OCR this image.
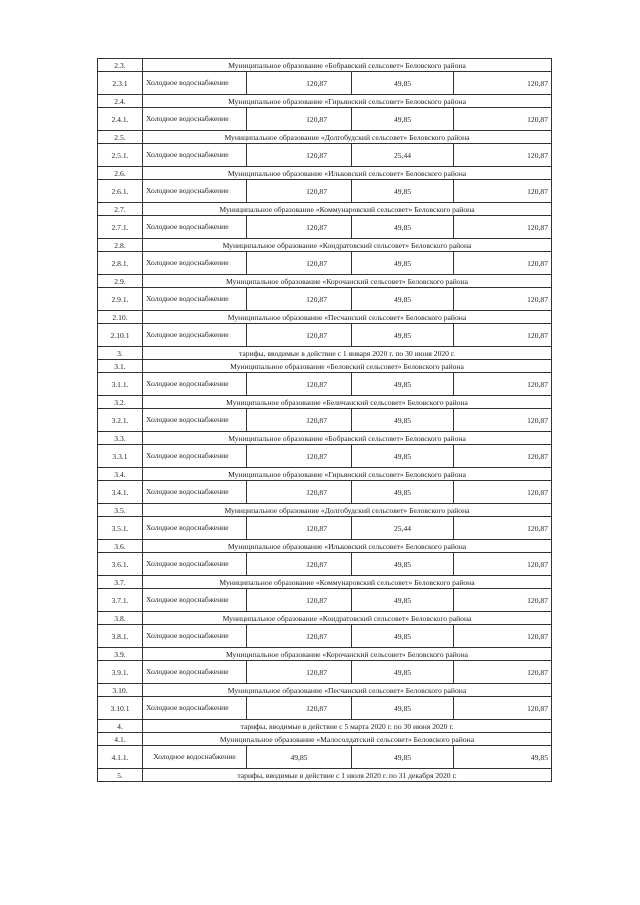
2.3.	Муниципальное образование «Бобравский сельсовет» Беловского района			
2.3.1	Холодное водоснабжение	120,87	49,85	120,87
2.4.	Муниципальное образование «Гирьянский сельсовет» Беловского района			
2.4.1.	Холодное водоснабжение	120,87	49,85	120,87
2.5.	Муниципальное образование «Долгобудский сельсовет» Беловского района			
2.5.1.	Холодное водоснабжение	120,87	25,44	120,87
2.6.	Муниципальное образование «Ильковский сельсовет» Беловского района			
2.6.1.	Холодное водоснабжение	120,87	49,85	120,87
2.7.	Муниципальное образование «Коммунаровский сельсовет» Беловского района			
2.7.1.	Холодное водоснабжение	120,87	49,85	120,87
2.8.	Муниципальное образование «Кондратовский сельсовет» Беловского района			
2.8.1.	Холодное водоснабжение	120,87	49,85	120,87
2.9.	Муниципальное образование «Корочанский сельсовет» Беловского района			
2.9.1.	Холодное водоснабжение	120,87	49,85	120,87
2.10.	Муниципальное образование «Песчанский сельсовет» Беловского района			
2.10.1	Холодное водоснабжение	120,87	49,85	120,87
3.	тарифы, вводимые в действие с 1 января 2020 г. по 30 июня 2020 г.			
3.1.	Муниципальное образование «Беловский сельсовет» Беловского района			
3.1.1.	Холодное водоснабжение	120,87	49,85	120,87
3.2.	Муниципальное образование «Беличанский сельсовет» Беловского района			
3.2.1.	Холодное водоснабжение	120,87	49,85	120,87
3.3.	Муниципальное образование «Бобравский сельсовет» Беловского района			
3.3.1	Холодное водоснабжение	120,87	49,85	120,87
3.4.	Муниципальное образование «Гирьянский сельсовет» Беловского района			
3.4.1.	Холодное водоснабжение	120,87	49,85	120,87
3.5.	Муниципальное образование «Долгобудский сельсовет» Беловского района			
3.5.1.	Холодное водоснабжение	120,87	25,44	120,87
3.6.	Муниципальное образование «Ильковский сельсовет» Беловского района			
3.6.1.	Холодное водоснабжение	120,87	49,85	120,87
3.7.	Муниципальное образование «Коммунаровский сельсовет» Беловского района			
3.7.1.	Холодное водоснабжение	120,87	49,85	120,87
3.8.	Муниципальное образование «Кондратовский сельсовет» Беловского района			
3.8.1.	Холодное водоснабжение	120,87	49,85	120,87
3.9.	Муниципальное образование «Корочанский сельсовет» Беловского района			
3.9.1.	Холодное водоснабжение	120,87	49,85	120,87
3.10.	Муниципальное образование «Песчанский сельсовет» Беловского района			
3.10.1	Холодное водоснабжение	120,87	49,85	120,87
4.	тарифы, вводимые в действие с 5 марта 2020 г. по 30 июня 2020 г.			
4.1.	Муниципальное образование «Малосолдатский сельсовет» Беловского района			
4.1.1.	Холодное водоснабжение	49,85	49,85	49,85
5.	тарифы, вводимые в действие с 1 июля 2020 г. по 31 декабря 2020 г.			
